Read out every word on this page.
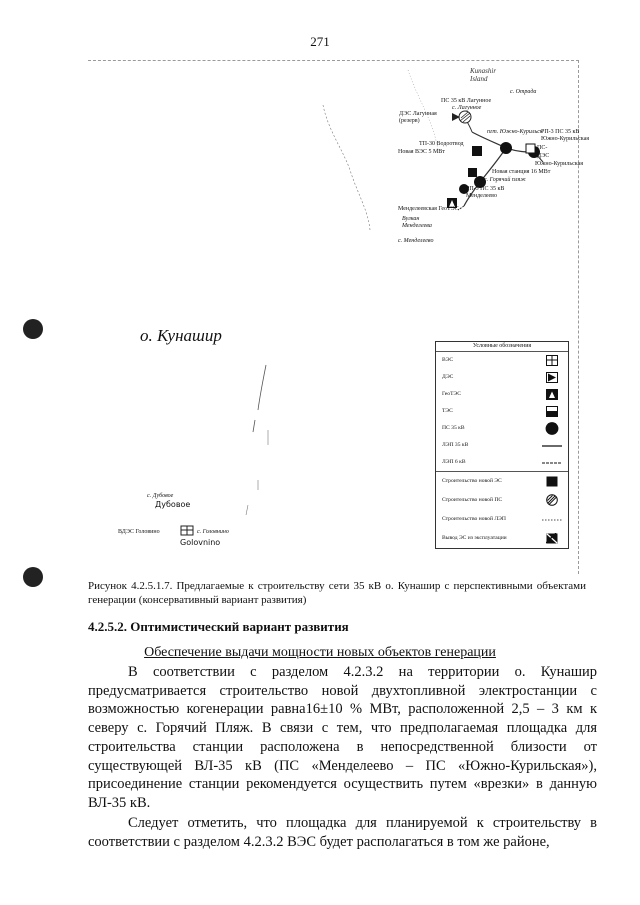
271
Kunashir
Island
с. Отрада
ПС 35 кВ Лагунное
с. Лагунное
ДЭС Лагунная
(резерв)
пгт. Южно-Курильск
РП-3 ПС 35 кВ
Южно-Курильская
ТП-30 Водоотвод
Новая ВЭС 5 МВт
ПС-
ДЭС
Южно-Курильская
Новая станция 16 МВт
с. Горячий пляж
РП-5 ПС 35 кВ
Менделеево
Менделеевская ГеоТЭС
Вулкан
Менделеева
с. Менделеево
о. Кунашир
с. Дубовое
Дубовое
ВДЭС Головино	с. Головнино
Golovnino
Условные обозначения
ВЭС
ДЭС
ГеоТЭС
ТЭС
ПС 35 кВ
ЛЭП 35 кВ
ЛЭП 6 кВ
Строительство новой ЭС
Строительство новой ПС
Строительство новой ЛЭП
Вывод ЭС из эксплуатации
Рисунок 4.2.5.1.7. Предлагаемые к строительству сети 35 кВ о. Кунашир с перспективными объектами генерации (консервативный вариант развития)
4.2.5.2. Оптимистический вариант развития
Обеспечение выдачи мощности новых объектов генерации
В соответствии с разделом 4.2.3.2 на территории о. Кунашир предусматривается строительство новой двухтопливной электростанции с возможностью когенерации равна16±10 % МВт, расположенной 2,5 – 3 км к северу с. Горячий Пляж. В связи с тем, что предполагаемая площадка для строительства станции расположена в непосредственной близости от существующей ВЛ-35 кВ (ПС «Менделеево – ПС «Южно-Курильская»), присоединение станции рекомендуется осуществить путем «врезки» в данную ВЛ-35 кВ.
Следует отметить, что площадка для планируемой к строительству в соответствии с разделом 4.2.3.2 ВЭС будет располагаться в том же районе,
